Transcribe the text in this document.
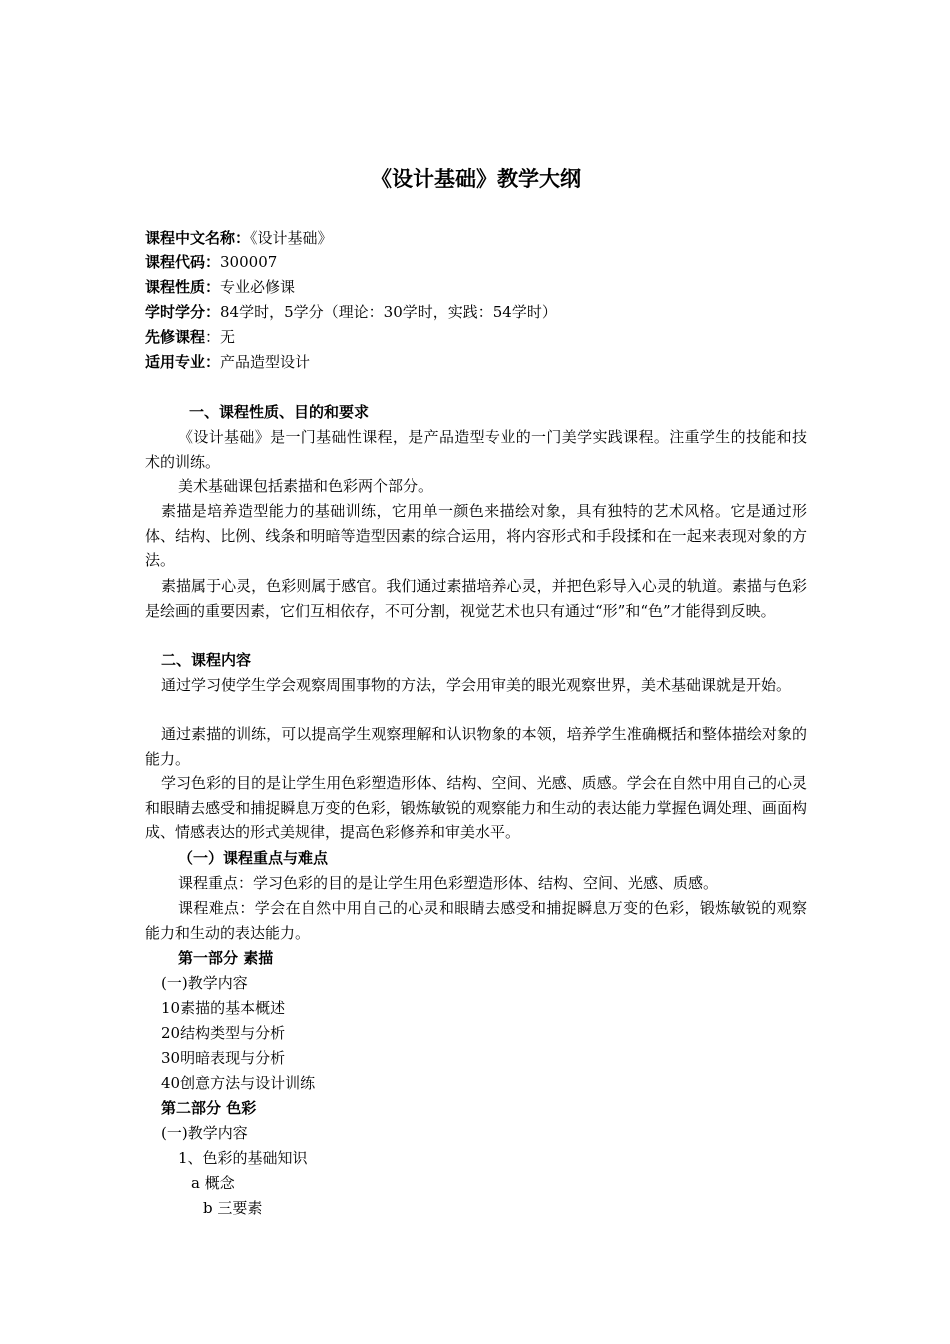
《设计基础》教学大纲
课程中文名称：《设计基础》
课程代码：300007
课程性质：专业必修课
学时学分：84学时，5学分（理论：30学时，实践：54学时）
先修课程：无
适用专业：产品造型设计
一、课程性质、目的和要求
《设计基础》是一门基础性课程，是产品造型专业的一门美学实践课程。注重学生的技能和技术的训练。
美术基础课包括素描和色彩两个部分。
素描是培养造型能力的基础训练，它用单一颜色来描绘对象，具有独特的艺术风格。它是通过形体、结构、比例、线条和明暗等造型因素的综合运用，将内容形式和手段揉和在一起来表现对象的方法。
素描属于心灵，色彩则属于感官。我们通过素描培养心灵，并把色彩导入心灵的轨道。素描与色彩是绘画的重要因素，它们互相依存，不可分割，视觉艺术也只有通过“形”和“色”才能得到反映。
二、课程内容
通过学习使学生学会观察周围事物的方法，学会用审美的眼光观察世界，美术基础课就是开始。
通过素描的训练，可以提高学生观察理解和认识物象的本领，培养学生准确概括和整体描绘对象的能力。
学习色彩的目的是让学生用色彩塑造形体、结构、空间、光感、质感。学会在自然中用自己的心灵和眼睛去感受和捕捉瞬息万变的色彩，锻炼敏锐的观察能力和生动的表达能力掌握色调处理、画面构成、情感表达的形式美规律，提高色彩修养和审美水平。
（一）课程重点与难点
课程重点：学习色彩的目的是让学生用色彩塑造形体、结构、空间、光感、质感。
课程难点：学会在自然中用自己的心灵和眼睛去感受和捕捉瞬息万变的色彩，锻炼敏锐的观察能力和生动的表达能力。
第一部分 素描
(一)教学内容
10素描的基本概述
20结构类型与分析
30明暗表现与分析
40创意方法与设计训练
第二部分 色彩
(一)教学内容
1、色彩的基础知识
a 概念
b 三要素
